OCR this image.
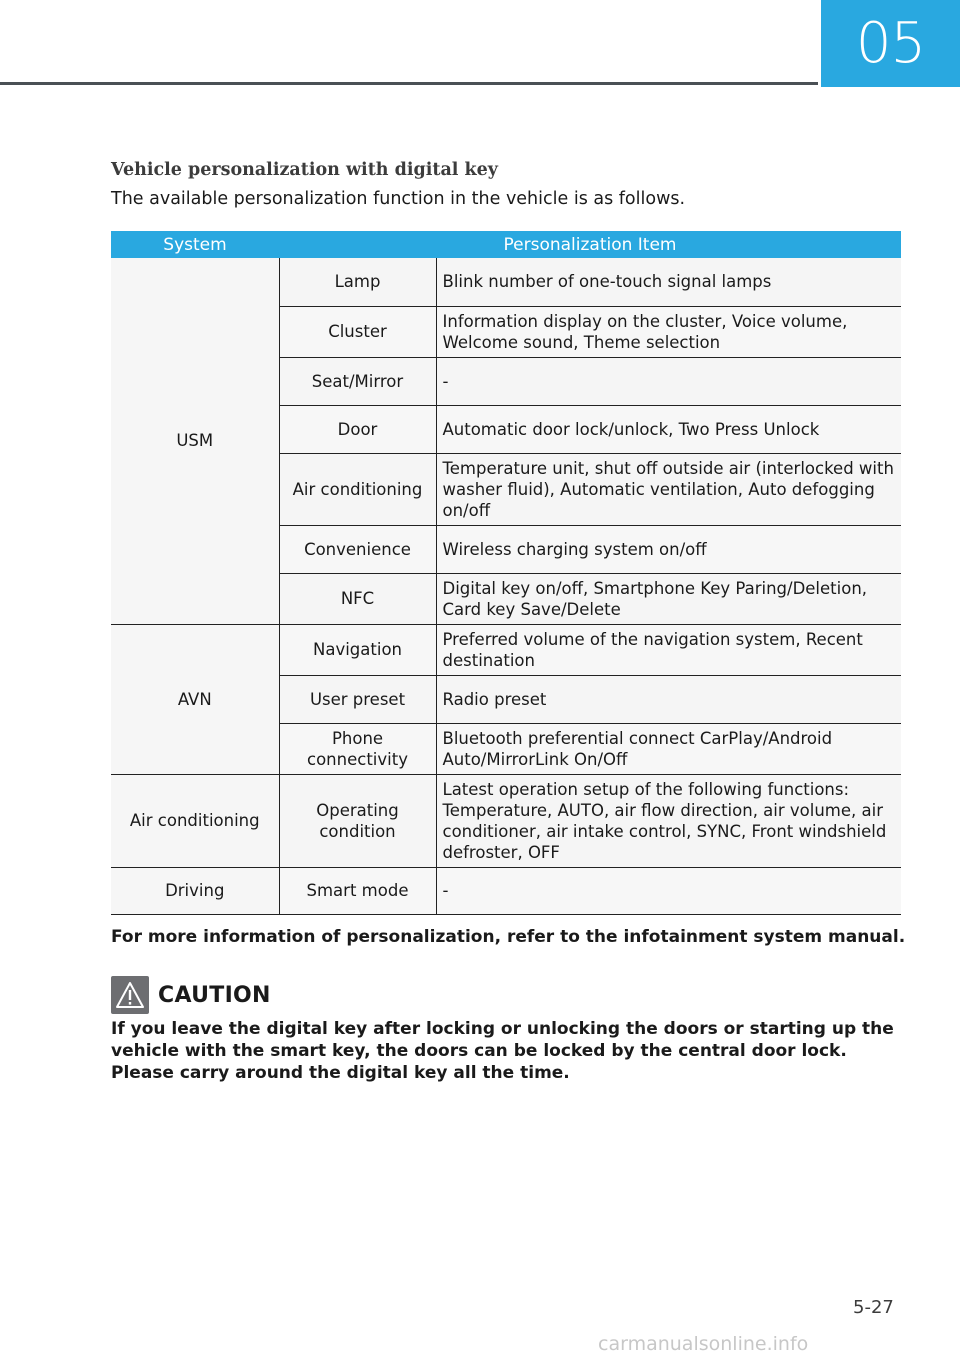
05
Vehicle personalization with digital key
The available personalization function in the vehicle is as follows.
System	Personalization Item	
USM	Lamp	Blink number of one-touch signal lamps
	Cluster	Information display on the cluster, Voice volume, Welcome sound, Theme selection
	Seat/Mirror	-
	Door	Automatic door lock/unlock, Two Press Unlock
	Air conditioning	Temperature unit, shut off outside air (interlocked with washer fluid), Automatic ventilation, Auto defogging on/off
	Convenience	Wireless charging system on/off
	NFC	Digital key on/off, Smartphone Key Paring/Deletion, Card key Save/Delete
AVN	Navigation	Preferred volume of the navigation system, Recent destination
	User preset	Radio preset
	Phone connectivity	Bluetooth preferential connect CarPlay/Android Auto/MirrorLink On/Off
Air conditioning	Operating condition	Latest operation setup of the following functions: Temperature, AUTO, air flow direction, air volume, air conditioner, air intake control, SYNC, Front windshield defroster, OFF
Driving	Smart mode	-
For more information of personalization, refer to the infotainment system manual.
CAUTION
If you leave the digital key after locking or unlocking the doors or starting up the vehicle with the smart key, the doors can be locked by the central door lock. Please carry around the digital key all the time.
5-27
carmanualsonline.info
